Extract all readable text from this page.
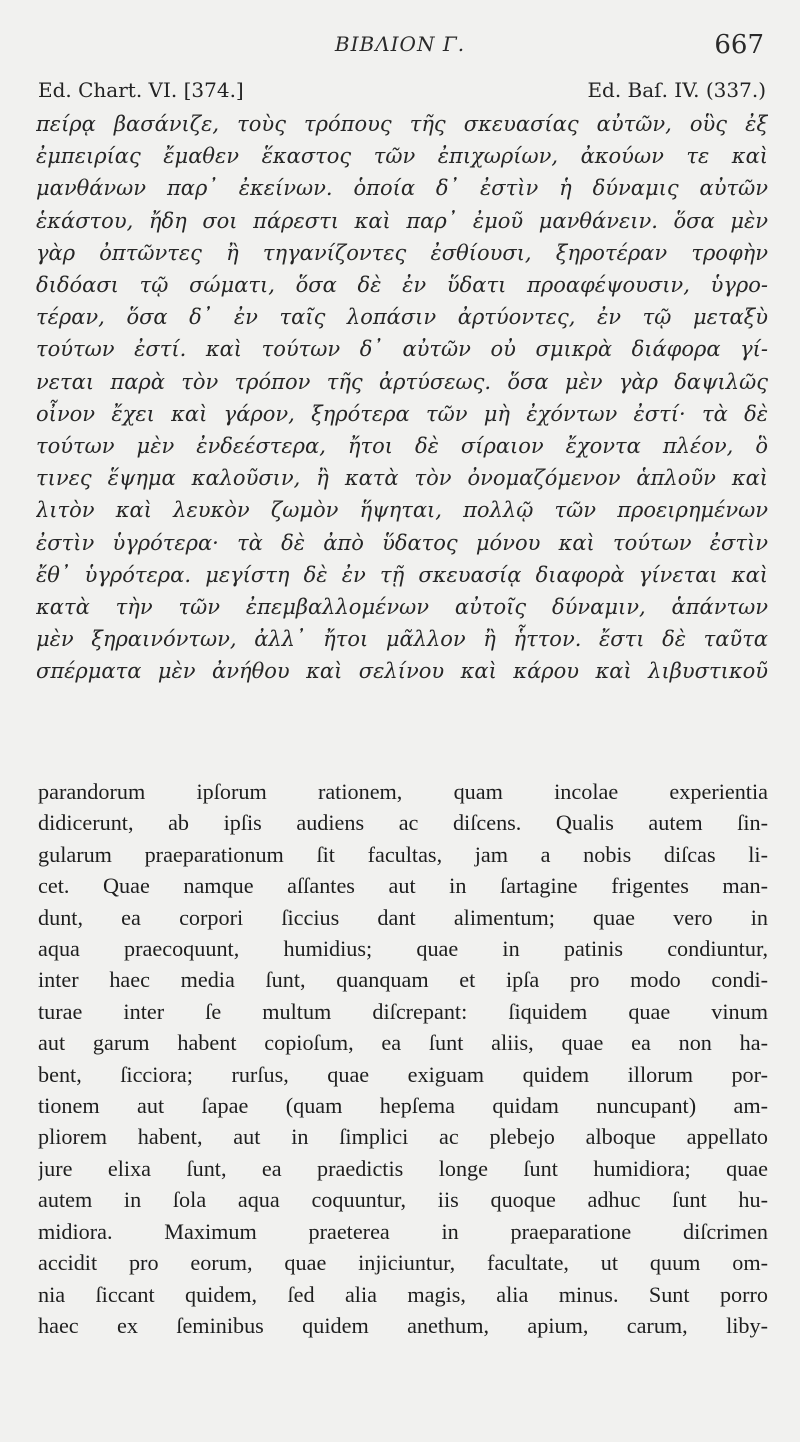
ΒΙΒΛΙΟΝ Γ.	667
Ed. Chart. VI. [374.]	Ed. Baſ. IV. (337.)
πείρᾳ βασάνιζε, τοὺς τρόπους τῆς σκευασίας αὐτῶν, οὓς ἐξ
ἐμπειρίας ἔμαθεν ἕκαστος τῶν ἐπιχωρίων, ἀκούων τε καὶ
μανθάνων παρ᾽ ἐκείνων. ὁποία δ᾽ ἐστὶν ἡ δύναμις αὐτῶν
ἑκάστου, ἤδη σοι πάρεστι καὶ παρ᾽ ἐμοῦ μανθάνειν. ὅσα μὲν
γὰρ ὀπτῶντες ἢ τηγανίζοντες ἐσθίουσι, ξηροτέραν τροφὴν
διδόασι τῷ σώματι, ὅσα δὲ ἐν ὕδατι προαφέψουσιν, ὑγρο-
τέραν, ὅσα δ᾽ ἐν ταῖς λοπάσιν ἀρτύοντες, ἐν τῷ μεταξὺ
τούτων ἐστί. καὶ τούτων δ᾽ αὐτῶν οὐ σμικρὰ διάφορα γί-
νεται παρὰ τὸν τρόπον τῆς ἀρτύσεως. ὅσα μὲν γὰρ δαψιλῶς
οἶνον ἔχει καὶ γάρον, ξηρότερα τῶν μὴ ἐχόντων ἐστί· τὰ δὲ
τούτων μὲν ἐνδεέστερα, ἤτοι δὲ σίραιον ἔχοντα πλέον, ὃ
τινες ἕψημα καλοῦσιν, ἢ κατὰ τὸν ὀνομαζόμενον ἁπλοῦν καὶ
λιτὸν καὶ λευκὸν ζωμὸν ἥψηται, πολλῷ τῶν προειρημένων
ἐστὶν ὑγρότερα· τὰ δὲ ἀπὸ ὕδατος μόνου καὶ τούτων ἐστὶν
ἔθ᾽ ὑγρότερα. μεγίστη δὲ ἐν τῇ σκευασίᾳ διαφορὰ γίνεται καὶ
κατὰ τὴν τῶν ἐπεμβαλλομένων αὐτοῖς δύναμιν, ἁπάντων
μὲν ξηραινόντων, ἀλλ᾽ ἤτοι μᾶλλον ἢ ἧττον. ἔστι δὲ ταῦτα
σπέρματα μὲν ἀνήθου καὶ σελίνου καὶ κάρου καὶ λιβυστικοῦ
parandorum ipſorum rationem, quam incolae experientia
didicerunt, ab ipſis audiens ac diſcens. Qualis autem ſin-
gularum praeparationum ſit facultas, jam a nobis diſcas li-
cet. Quae namque aſſantes aut in ſartagine frigentes man-
dunt, ea corpori ſiccius dant alimentum; quae vero in
aqua praecoquunt, humidius; quae in patinis condiuntur,
inter haec media ſunt, quanquam et ipſa pro modo condi-
turae inter ſe multum diſcrepant: ſiquidem quae vinum
aut garum habent copioſum, ea ſunt aliis, quae ea non ha-
bent, ſicciora; rurſus, quae exiguam quidem illorum por-
tionem aut ſapae (quam hepſema quidam nuncupant) am-
pliorem habent, aut in ſimplici ac plebejo alboque appellato
jure elixa ſunt, ea praedictis longe ſunt humidiora; quae
autem in ſola aqua coquuntur, iis quoque adhuc ſunt hu-
midiora. Maximum praeterea in praeparatione diſcrimen
accidit pro eorum, quae injiciuntur, facultate, ut quum om-
nia ſiccant quidem, ſed alia magis, alia minus. Sunt porro
haec ex ſeminibus quidem anethum, apium, carum, liby-
